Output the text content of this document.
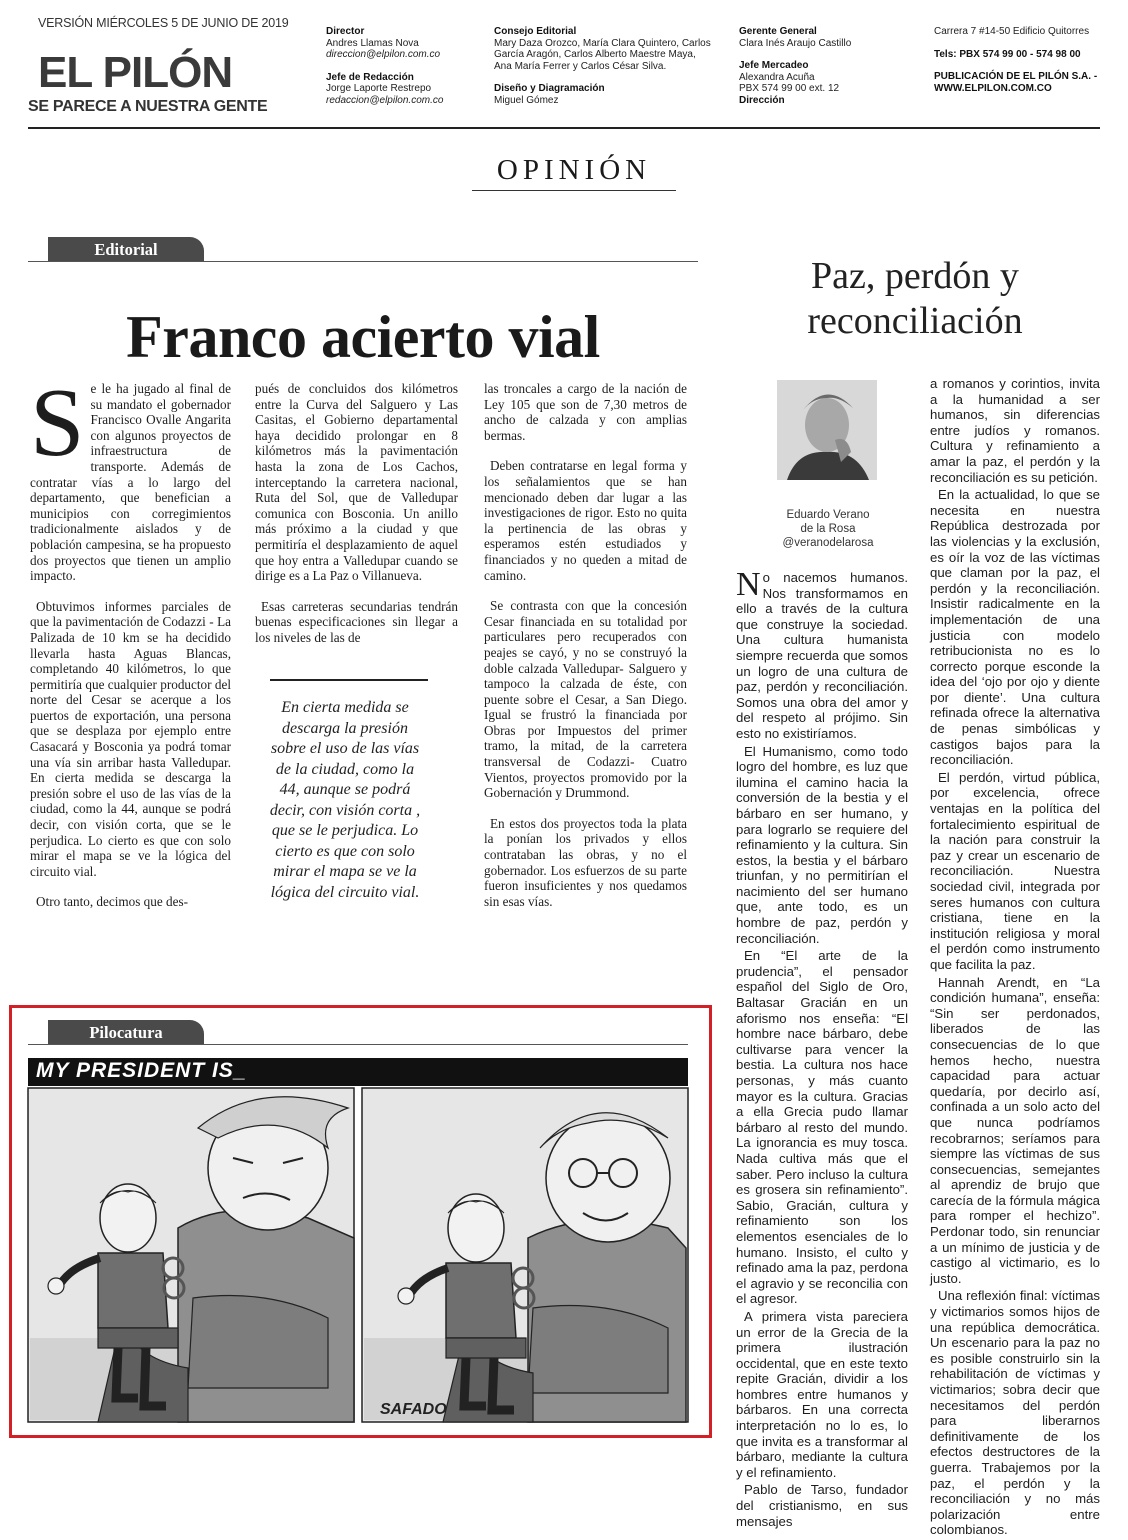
VERSIÓN MIÉRCOLES 5 DE JUNIO DE 2019
EL PILÓN
SE PARECE A NUESTRA GENTE
Director
Andres Llamas Nova
direccion@elpilon.com.co
Jefe de Redacción
Jorge Laporte Restrepo
redaccion@elpilon.com.co
Consejo Editorial
Mary Daza Orozco, María Clara Quintero, Carlos García Aragón, Carlos Alberto Maestre Maya, Ana María Ferrer y Carlos César Silva.
Diseño y Diagramación
Miguel Gómez
Gerente General
Clara Inés Araujo Castillo
Jefe Mercadeo
Alexandra Acuña
PBX 574 99 00 ext. 12
Dirección
Carrera 7 #14-50 Edificio Quitorres
Tels: PBX 574 99 00 - 574 98 00
PUBLICACIÓN DE EL PILÓN S.A. -
WWW.ELPILON.COM.CO
OPINIÓN
Editorial
Franco acierto vial

Se le ha jugado al final de su mandato el gobernador Francisco Ovalle Angarita con algunos proyectos de infraestructura de transporte. Además de contratar vías a lo largo del departamento, que benefician a municipios con corregimientos tradicionalmente aislados y de población campesina, se ha propuesto dos proyectos que tienen un amplio impacto.

Obtuvimos informes parciales de que la pavimentación de Codazzi - La Palizada de 10 km se ha decidido llevarla hasta Aguas Blancas, completando 40 kilómetros, lo que permitiría que cualquier productor del norte del Cesar se acerque a los puertos de exportación, una persona que se desplaza por ejemplo entre Casacará y Bosconia ya podrá tomar una vía sin arribar hasta Valledupar. En cierta medida se descarga la presión sobre el uso de las vías de la ciudad, como la 44, aunque se podrá decir, con visión corta, que se le perjudica. Lo cierto es que con solo mirar el mapa se ve la lógica del circuito vial.

Otro tanto, decimos que des-

pués de concluidos dos kilómetros entre la Curva del Salguero y Las Casitas, el Gobierno departamental haya decidido prolongar en 8 kilómetros más la pavimentación hasta la zona de Los Cachos, interceptando la carretera nacional, Ruta del Sol, que de Valledupar comunica con Bosconia. Un anillo más próximo a la ciudad y que permitiría el desplazamiento de aquel que hoy entra a Valledupar cuando se dirige es a La Paz o Villanueva.

Esas carreteras secundarias tendrán buenas especificaciones sin llegar a los niveles de las de

En cierta medida se descarga la presión sobre el uso de las vías de la ciudad, como la 44, aunque se podrá decir, con visión corta , que se le perjudica. Lo cierto es que con solo mirar el mapa se ve la lógica del circuito vial.

las troncales a cargo de la nación de Ley 105 que son de 7,30 metros de ancho de calzada y con amplias bermas.

Deben contratarse en legal forma y los señalamientos que se han mencionado deben dar lugar a las investigaciones de rigor. Esto no quita la pertinencia de las obras y esperamos estén estudiados y financiados y no queden a mitad de camino.

Se contrasta con que la concesión Cesar financiada en su totalidad por particulares pero recuperados con peajes se cayó, y no se construyó la doble calzada Valledupar- Salguero y tampoco la calzada de éste, con puente sobre el Cesar, a San Diego. Igual se frustró la financiada por Obras por Impuestos del primer tramo, la mitad, de la carretera transversal de Codazzi- Cuatro Vientos, proyectos promovido por la Gobernación y Drummond.

En estos dos proyectos toda la plata la ponían los privados y ellos contrataban las obras, y no el gobernador. Los esfuerzos de su parte fueron insuficientes y nos quedamos sin esas vías.

Pilocatura
MY PRESIDENT IS_
SAFADO
Paz, perdón y reconciliación
Eduardo Verano
de la Rosa
@veranodelarosa

No nacemos humanos. Nos transformamos en ello a través de la cultura que construye la sociedad. Una cultura humanista siempre recuerda que somos un logro de una cultura de paz, perdón y reconciliación. Somos una obra del amor y del respeto al prójimo. Sin esto no existiríamos.

El Humanismo, como todo logro del hombre, es luz que ilumina el camino hacia la conversión de la bestia y el bárbaro en ser humano, y para lograrlo se requiere del refinamiento y la cultura. Sin estos, la bestia y el bárbaro triunfan, y no permitirían el nacimiento del ser humano que, ante todo, es un hombre de paz, perdón y reconciliación.

En “El arte de la prudencia”, el pensador español del Siglo de Oro, Baltasar Gracián en un aforismo nos enseña: “El hombre nace bárbaro, debe cultivarse para vencer la bestia. La cultura nos hace personas, y más cuanto mayor es la cultura. Gracias a ella Grecia pudo llamar bárbaro al resto del mundo. La ignorancia es muy tosca. Nada cultiva más que el saber. Pero incluso la cultura es grosera sin refinamiento”. Sabio, Gracián, cultura y refinamiento son los elementos esenciales de lo humano. Insisto, el culto y refinado ama la paz, perdona el agravio y se reconcilia con el agresor.

A primera vista pareciera un error de la Grecia de la primera ilustración occidental, que en este texto repite Gracián, dividir a los hombres entre humanos y bárbaros. En una correcta interpretación no lo es, lo que invita es a transformar al bárbaro, mediante la cultura y el refinamiento.

Pablo de Tarso, fundador del cristianismo, en sus mensajes

a romanos y corintios, invita a la humanidad a ser humanos, sin diferencias entre judíos y romanos. Cultura y refinamiento a amar la paz, el perdón y la reconciliación es su petición.

En la actualidad, lo que se necesita en nuestra República destrozada por las violencias y la exclusión, es oír la voz de las víctimas que claman por la paz, el perdón y la reconciliación. Insistir radicalmente en la implementación de una justicia con modelo retribucionista no es lo correcto porque esconde la idea del ‘ojo por ojo y diente por diente’. Una cultura refinada ofrece la alternativa de penas simbólicas y castigos bajos para la reconciliación.

El perdón, virtud pública, por excelencia, ofrece ventajas en la política del fortalecimiento espiritual de la nación para construir la paz y crear un escenario de reconciliación. Nuestra sociedad civil, integrada por seres humanos con cultura cristiana, tiene en la institución religiosa y moral el perdón como instrumento que facilita la paz.

Hannah Arendt, en “La condición humana”, enseña: “Sin ser perdonados, liberados de las consecuencias de lo que hemos hecho, nuestra capacidad para actuar quedaría, por decirlo así, confinada a un solo acto del que nunca podríamos recobrarnos; seríamos para siempre las víctimas de sus consecuencias, semejantes al aprendiz de brujo que carecía de la fórmula mágica para romper el hechizo”. Perdonar todo, sin renunciar a un mínimo de justicia y de castigo al victimario, es lo justo.

Una reflexión final: víctimas y victimarios somos hijos de una república democrática. Un escenario para la paz no es posible construirlo sin la rehabilitación de víctimas y victimarios; sobra decir que necesitamos del perdón para liberarnos definitivamente de los efectos destructores de la guerra. Trabajemos por la paz, el perdón y la reconciliación y no más polarización entre colombianos.
